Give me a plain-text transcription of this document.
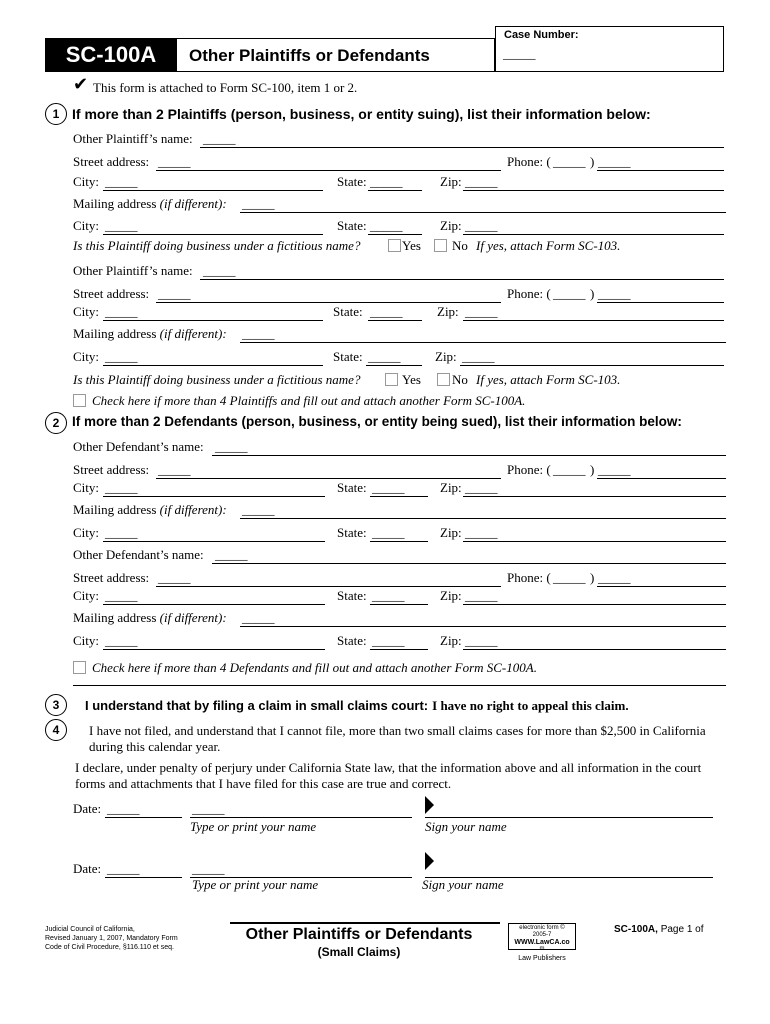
SC-100A	Other Plaintiffs or Defendants
Case Number:
_____
✔ This form is attached to Form SC-100, item 1 or 2.
1 If more than 2 Plaintiffs (person, business, or entity suing), list their information below:
Other Plaintiff’s name: _____
Street address: _____	Phone: ( _____ ) _____
City: _____	State: _____	Zip: _____
Mailing address (if different): _____
City: _____	State: _____	Zip: _____
Is this Plaintiff doing business under a fictitious name?	Yes No If yes, attach Form SC-103.
Other Plaintiff’s name: _____
Street address: _____	Phone: ( _____ ) _____
City: _____	State: _____	Zip: _____
Mailing address (if different): _____
City: _____	State: _____	Zip: _____
Is this Plaintiff doing business under a fictitious name?	Yes No If yes, attach Form SC-103.
Check here if more than 4 Plaintiffs and fill out and attach another Form SC-100A.
2 If more than 2 Defendants (person, business, or entity being sued), list their information below:
Other Defendant’s name: _____
Street address: _____	Phone: ( _____ ) _____
City: _____	State: _____	Zip: _____
Mailing address (if different): _____
City: _____	State: _____	Zip: _____
Other Defendant’s name: _____
Street address: _____	Phone: ( _____ ) _____
City: _____	State: _____	Zip: _____
Mailing address (if different): _____
City: _____	State: _____	Zip: _____
Check here if more than 4 Defendants and fill out and attach another Form SC-100A.
3	I understand that by filing a claim in small claims court: I have no right to appeal this claim.
4	I have not filed, and understand that I cannot file, more than two small claims cases for more than $2,500 in California during this calendar year.
I declare, under penalty of perjury under California State law, that the information above and all information in the court forms and attachments that I have filed for this case are true and correct.
Date: _____	_____
Type or print your name	Sign your name
Date: _____	_____
Type or print your name	Sign your name
Judicial Council of California,
Revised January 1, 2007, Mandatory Form
Code of Civil Procedure, §116.110 et seq.
Other Plaintiffs or Defendants
(Small Claims)
electronic form ©
2005-7
WWW.LawCA.co
m
Law Publishers
SC-100A, Page 1 of
